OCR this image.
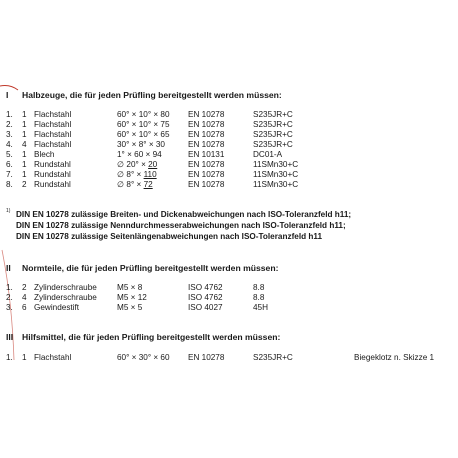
I Halbzeuge, die für jeden Prüfling bereitgestellt werden müssen:
1. 1 Flachstahl	60° × 10° × 80 EN 10278	S235JR+C
2. 1 Flachstahl	60° × 10° × 75 EN 10278	S235JR+C
3. 1 Flachstahl	60° × 10° × 65 EN 10278	S235JR+C
4. 4 Flachstahl	30° × 8° × 30	EN 10278	S235JR+C
5. 1 Blech	1° × 60 × 94	EN 10131	DC01-A
6. 1 Rundstahl	∅ 20° × 20	EN 10278	11SMn30+C
7. 1 Rundstahl	∅ 8° × 110	EN 10278	11SMn30+C
8. 2 Rundstahl	∅ 8° × 72	EN 10278	11SMn30+C
1) DIN EN 10278 zulässige Breiten- und Dickenabweichungen nach ISO-Toleranzfeld h11;
DIN EN 10278 zulässige Nenndurchmesserabweichungen nach ISO-Toleranzfeld h11;
DIN EN 10278 zulässige Seitenlängenabweichungen nach ISO-Toleranzfeld h11
II Normteile, die für jeden Prüfling bereitgestellt werden müssen:
1. 2 Zylinderschraube M5 × 8	ISO 4762	8.8
2. 4 Zylinderschraube M5 × 12	ISO 4762	8.8
3. 6 Gewindestift	M5 × 5	ISO 4027	45H
III Hilfsmittel, die für jeden Prüfling bereitgestellt werden müssen:
1. 1 Flachstahl	60° × 30° × 60 EN 10278	S235JR+C	Biegeklotz n. Skizze 1
